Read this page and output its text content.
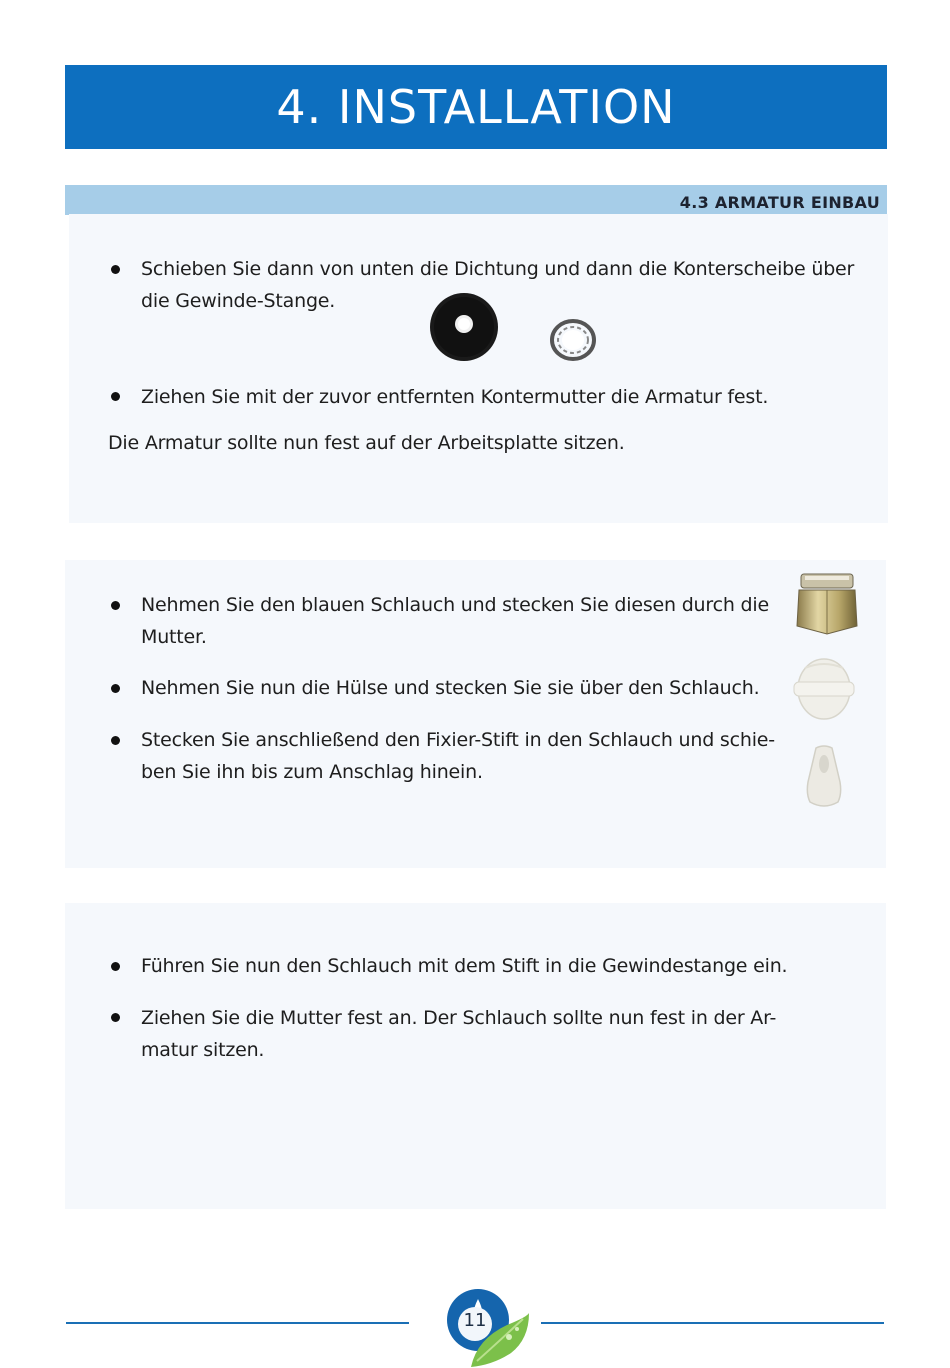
4. INSTALLATION
4.3 ARMATUR EINBAU
Schieben Sie dann von unten die Dichtung und dann die Konterscheibe über
die Gewinde-Stange.
Ziehen Sie mit der zuvor entfernten Kontermutter die Armatur fest.
Die Armatur sollte nun fest auf der Arbeitsplatte sitzen.
Nehmen Sie den blauen Schlauch und stecken Sie diesen durch die
Mutter.
Nehmen Sie nun die Hülse und stecken Sie sie über den Schlauch.
Stecken Sie anschließend den Fixier-Stift in den Schlauch und schie-
ben Sie ihn bis zum Anschlag hinein.
Führen Sie nun den Schlauch mit dem Stift in die Gewindestange ein.
Ziehen Sie die Mutter fest an. Der Schlauch sollte nun fest in der Ar-
matur sitzen.
11
